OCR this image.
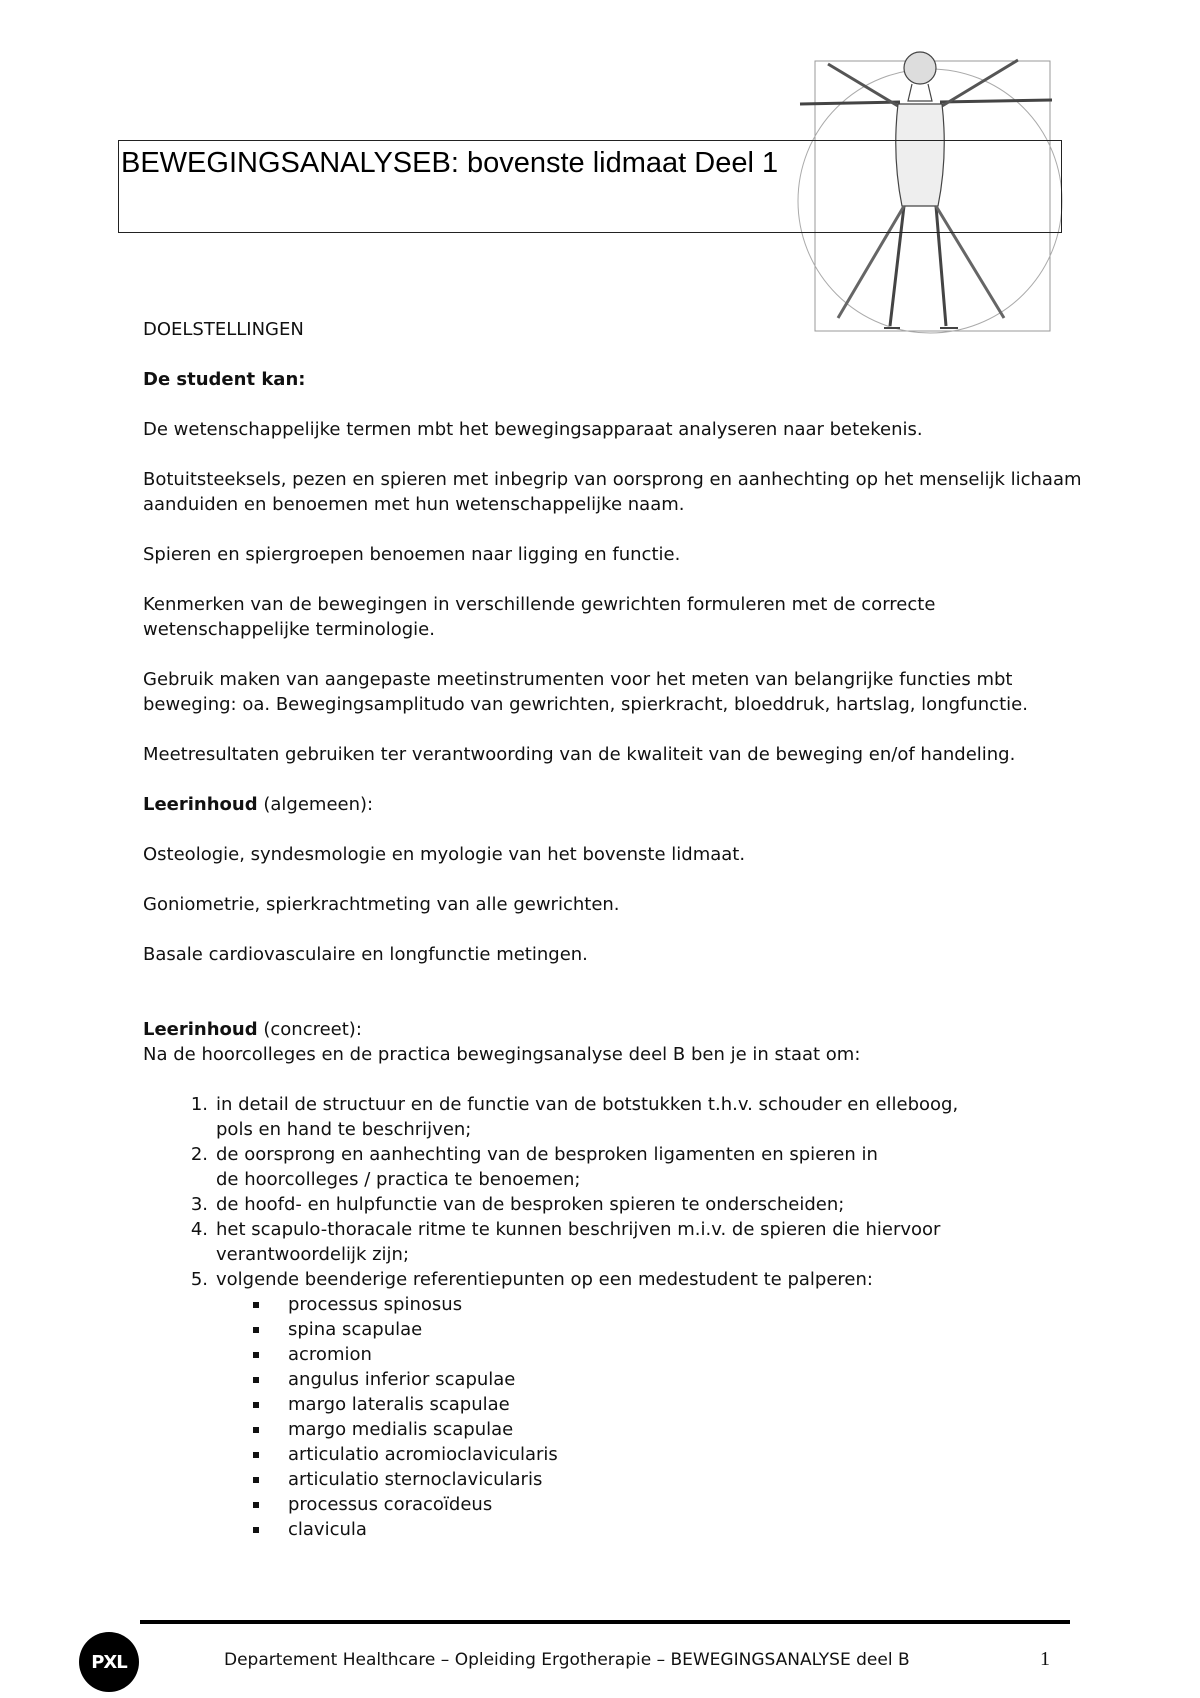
BEWEGINGSANALYSEB: bovenste lidmaat Deel 1

DOELSTELLINGEN

De student kan:

De wetenschappelijke termen mbt het bewegingsapparaat analyseren naar betekenis.

Botuitsteeksels, pezen en spieren met inbegrip van oorsprong en aanhechting op het menselijk lichaam aanduiden en benoemen met hun wetenschappelijke naam.

Spieren en spiergroepen benoemen naar ligging en functie.

Kenmerken van de bewegingen in verschillende gewrichten formuleren met de correcte wetenschappelijke terminologie.

Gebruik maken van aangepaste meetinstrumenten voor het meten van belangrijke functies mbt beweging: oa. Bewegingsamplitudo van gewrichten, spierkracht, bloeddruk, hartslag, longfunctie.

Meetresultaten gebruiken ter verantwoording van de kwaliteit van de beweging en/of handeling.

Leerinhoud (algemeen):

Osteologie, syndesmologie en myologie van het bovenste lidmaat.

Goniometrie, spierkrachtmeting van alle gewrichten.

Basale cardiovasculaire en longfunctie metingen.

Leerinhoud (concreet):

Na de hoorcolleges en de practica bewegingsanalyse deel B ben je in staat om:

1. in detail de structuur en de functie van de botstukken t.h.v. schouder en elleboog,
pols en hand te beschrijven;
2. de oorsprong en aanhechting van de besproken ligamenten en spieren in
de hoorcolleges / practica te benoemen;
3. de hoofd- en hulpfunctie van de besproken spieren te onderscheiden;
4. het scapulo-thoracale ritme te kunnen beschrijven m.i.v. de spieren die hiervoor
verantwoordelijk zijn;
5. volgende beenderige referentiepunten op een medestudent te palperen:
processus spinosus
spina scapulae
acromion
angulus inferior scapulae
margo lateralis scapulae
margo medialis scapulae
articulatio acromioclavicularis
articulatio sternoclavicularis
processus coracoïdeus
clavicula
PXL	Departement Healthcare – Opleiding Ergotherapie – BEWEGINGSANALYSE deel B	1
